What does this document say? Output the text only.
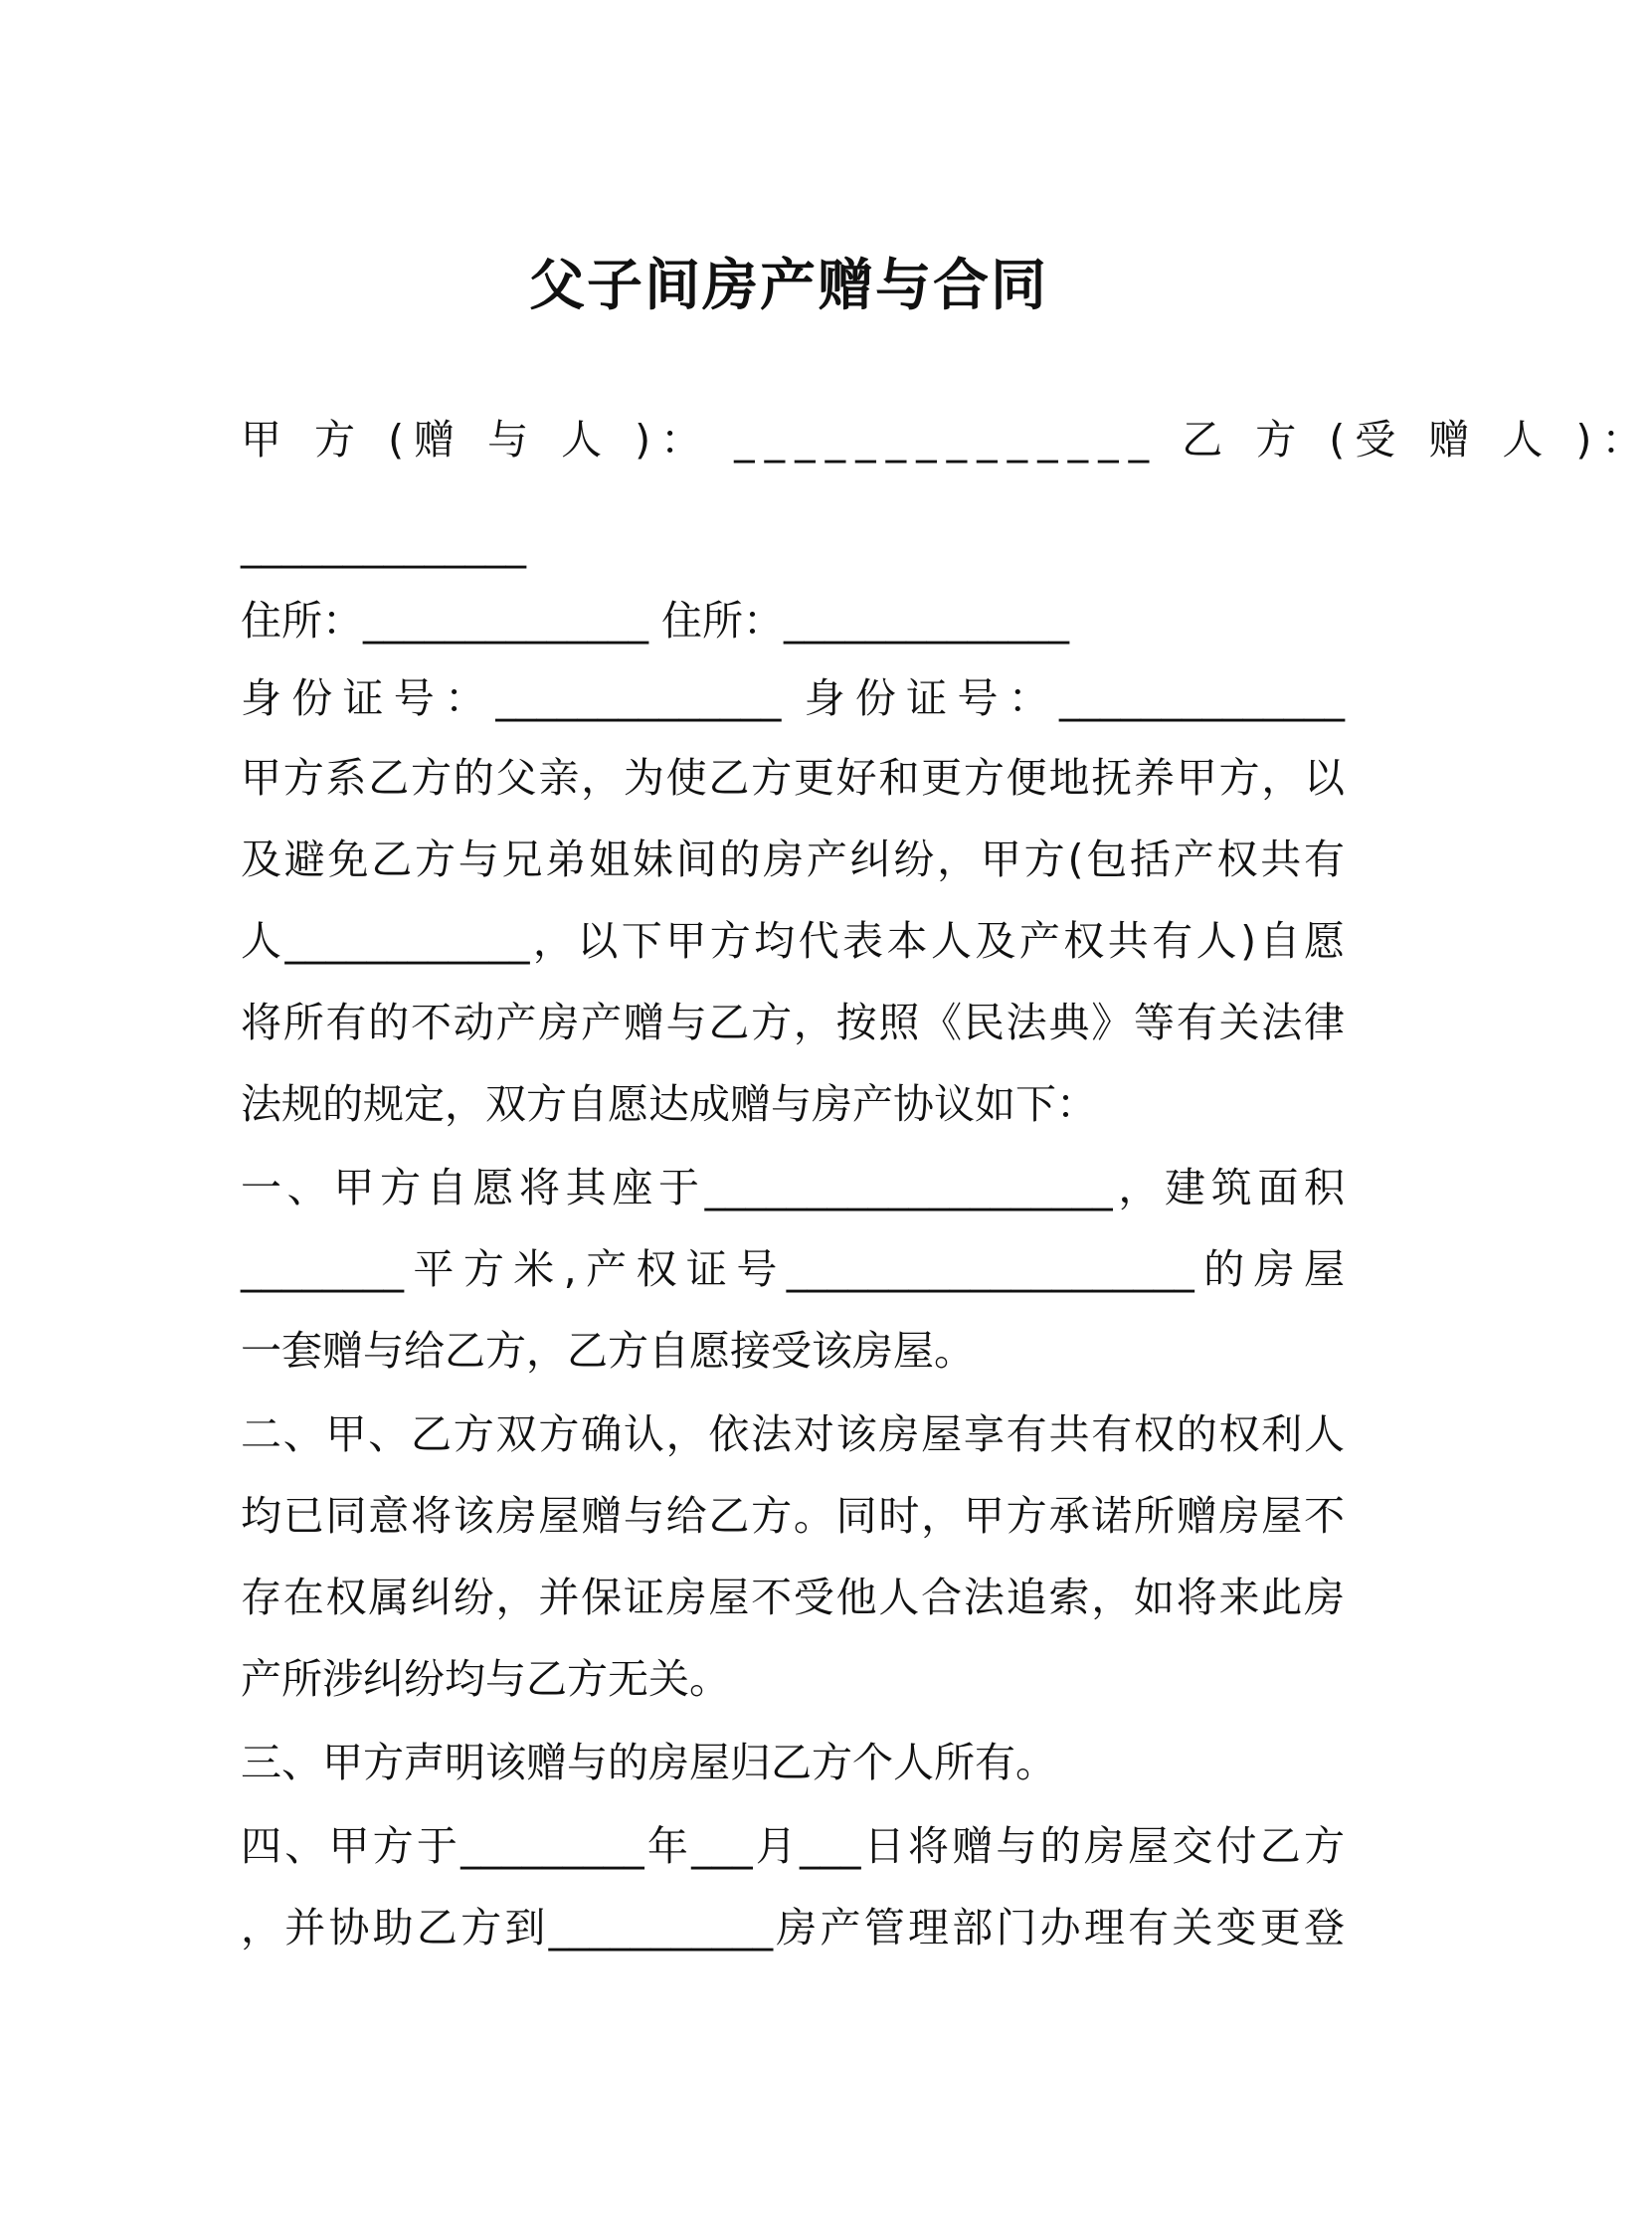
父子间房产赠与合同
甲 方 (赠 与 人 )： ______________ 乙 方 (受 赠 人 )：
______________
住所：______________ 住所：______________
身份证号：______________ 身份证号：______________
甲方系乙方的父亲，为使乙方更好和更方便地抚养甲方，以
及避免乙方与兄弟姐妹间的房产纠纷，甲方(包括产权共有
人____________，以下甲方均代表本人及产权共有人)自愿
将所有的不动产房产赠与乙方，按照《民法典》等有关法律
法规的规定，双方自愿达成赠与房产协议如下：
一、甲方自愿将其座于____________________，建筑面积
________平方米,产权证号____________________的房屋
一套赠与给乙方，乙方自愿接受该房屋。
二、甲、乙方双方确认，依法对该房屋享有共有权的权利人
均已同意将该房屋赠与给乙方。同时，甲方承诺所赠房屋不
存在权属纠纷，并保证房屋不受他人合法追索，如将来此房
产所涉纠纷均与乙方无关。
三、甲方声明该赠与的房屋归乙方个人所有。
四、甲方于_________年___月___日将赠与的房屋交付乙方
，并协助乙方到___________房产管理部门办理有关变更登
